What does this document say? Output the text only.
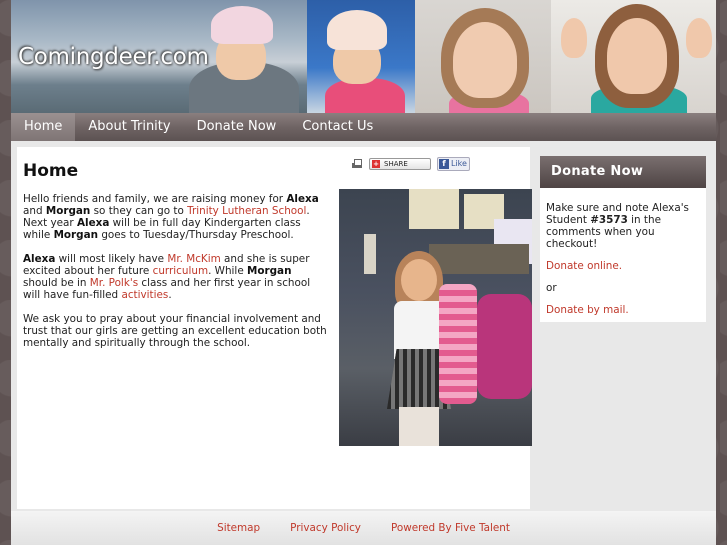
Comingdeer.com
Home	About Trinity	Donate Now	Contact Us
Home	+ SHARE	f Like

Hello friends and family, we are raising money for Alexa and Morgan so they can go to Trinity Lutheran School. Next year Alexa will be in full day Kindergarten class while Morgan goes to Tuesday/Thursday Preschool.

Alexa will most likely have Mr. McKim and she is super excited about her future curriculum. While Morgan should be in Mr. Polk's class and her first year in school will have fun-filled activities.

We ask you to pray about your financial involvement and trust that our girls are getting an excellent education both mentally and spiritually through the school.

Donate Now

Make sure and note Alexa's Student #3573 in the comments when you checkout!

Donate online.

or

Donate by mail.

Sitemap	Privacy Policy	Powered By Five Talent
